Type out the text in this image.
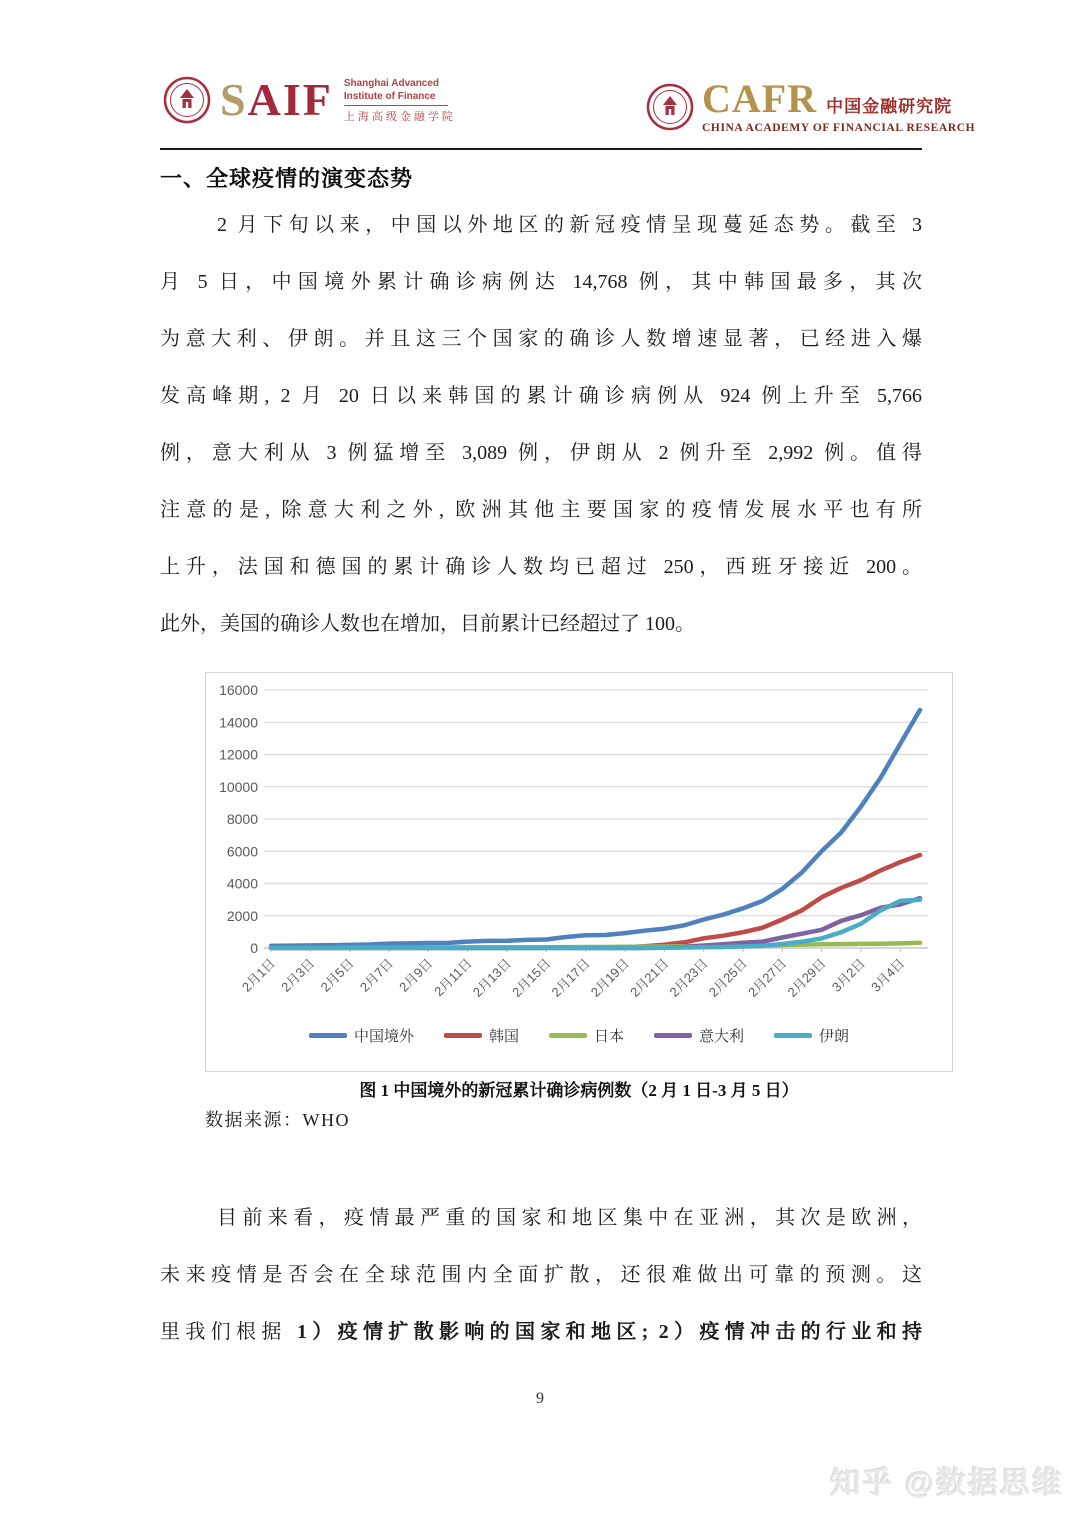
SAIF Shanghai Advanced
Institute of Finance
上海高级金融学院	CAFR 中国金融研究院
CHINA ACADEMY OF FINANCIAL RESEARCH
一、全球疫情的演变态势
2 月下旬以来，中国以外地区的新冠疫情呈现蔓延态势。截至 3
月 5 日，中国境外累计确诊病例达 14,768 例，其中韩国最多，其次
为意大利、伊朗。并且这三个国家的确诊人数增速显著，已经进入爆
发高峰期, 2 月 20 日以来韩国的累计确诊病例从 924 例上升至 5,766
例，意大利从 3 例猛增至 3,089 例，伊朗从 2 例升至 2,992 例。值得
注意的是, 除意大利之外, 欧洲其他主要国家的疫情发展水平也有所
上升，法国和德国的累计确诊人数均已超过 250，西班牙接近 200。
此外，美国的确诊人数也在增加，目前累计已经超过了 100。
0
2000
4000
6000
8000
10000
12000
14000
16000
2月1日 2月3日 2月5日 2月7日 2月9日
2月11日
2月13日
2月15日
2月17日
2月19日
2月21日
2月23日
2月25日
2月27日
2月29日 3月2日 3月4日
中国境外	韩国	日本	意大利	伊朗
图 1 中国境外的新冠累计确诊病例数（2 月 1 日-3 月 5 日）
数据来源：WHO
目前来看，疫情最严重的国家和地区集中在亚洲，其次是欧洲，
未来疫情是否会在全球范围内全面扩散，还很难做出可靠的预测。这
里我们根据 1）疫情扩散影响的国家和地区; 2）疫情冲击的行业和持
9
知乎 @数据思维
